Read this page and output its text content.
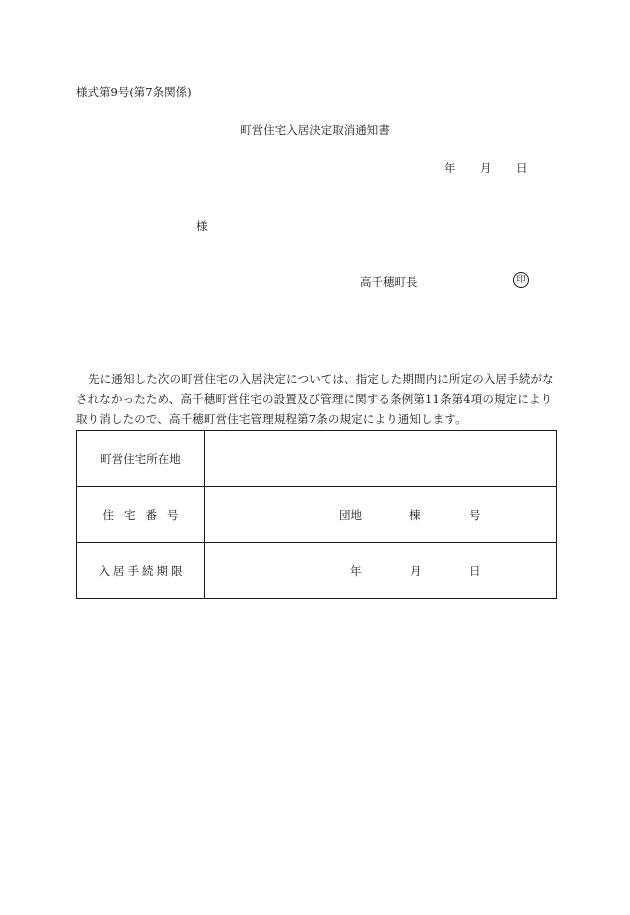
様式第9号(第7条関係)
町営住宅入居決定取消通知書
年 月 日
様
高千穂町長	印
先に通知した次の町営住宅の入居決定については、指定した期間内に所定の入居手続がなされなかったため、高千穂町営住宅の設置及び管理に関する条例第11条第4項の規定により取り消したので、高千穂町営住宅管理規程第7条の規定により通知します。
町営住宅所在地	
住宅番号	団地 棟 号

入居手続期限	年 月 日
